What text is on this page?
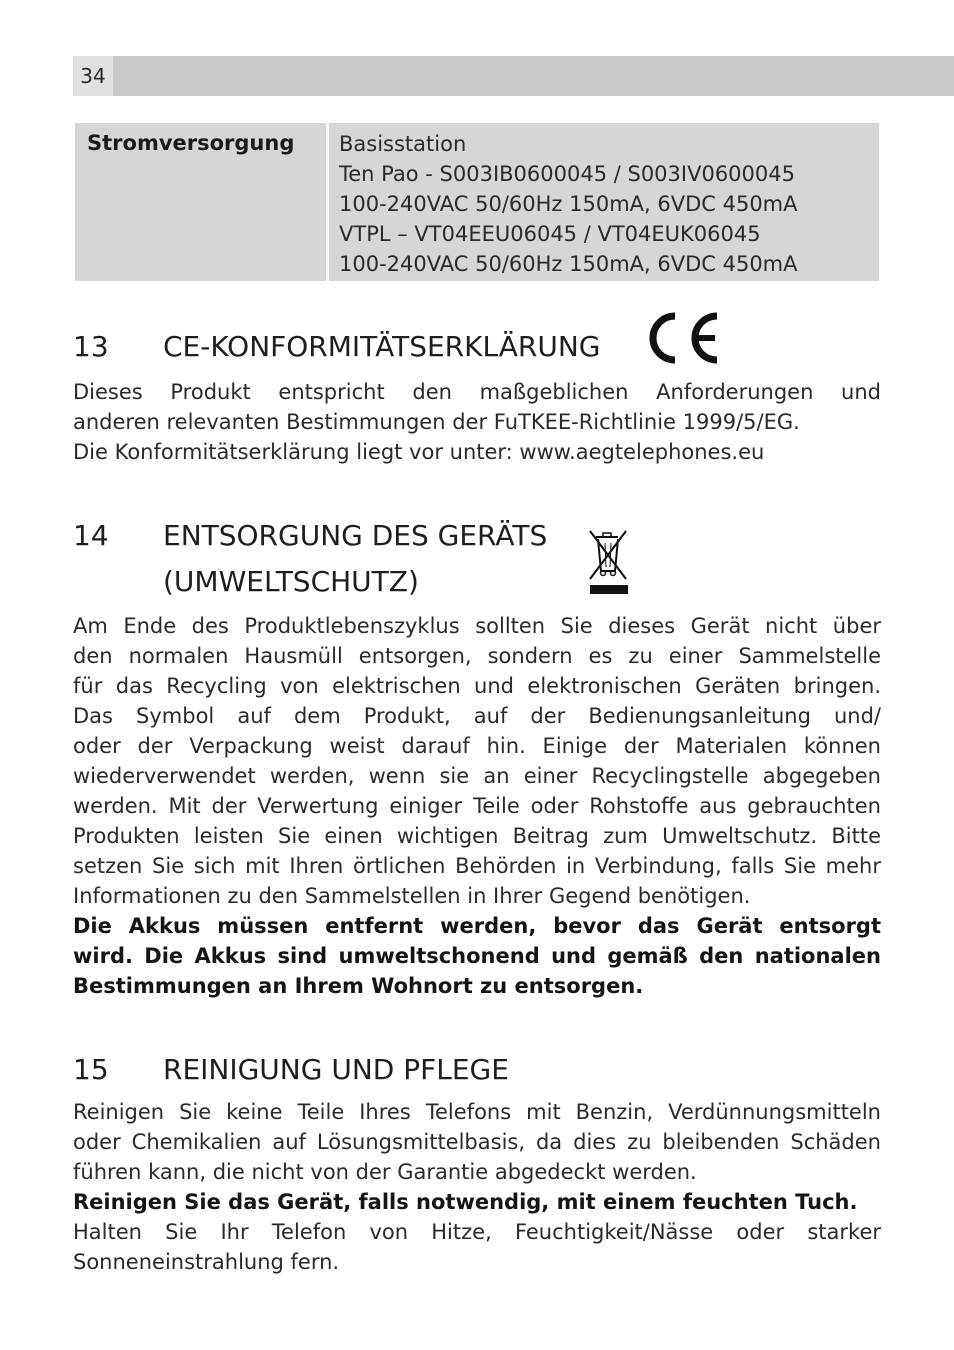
34
Stromversorgung	Basisstation
Ten Pao - S003IB0600045 / S003IV0600045
100-240VAC 50/60Hz 150mA, 6VDC 450mA
VTPL – VT04EEU06045 / VT04EUK06045
100-240VAC 50/60Hz 150mA, 6VDC 450mA
13 CE-KONFORMITÄTSERKLÄRUNG
Dieses Produkt entspricht den maßgeblichen Anforderungen und
anderen relevanten Bestimmungen der FuTKEE-Richtlinie 1999/5/EG.
Die Konformitätserklärung liegt vor unter: www.aegtelephones.eu
14 ENTSORGUNG DES GERÄTS
(UMWELTSCHUTZ)
Am Ende des Produktlebenszyklus sollten Sie dieses Gerät nicht über
den normalen Hausmüll entsorgen, sondern es zu einer Sammelstelle
für das Recycling von elektrischen und elektronischen Geräten bringen.
Das Symbol auf dem Produkt, auf der Bedienungsanleitung und/
oder der Verpackung weist darauf hin. Einige der Materialen können
wiederverwendet werden, wenn sie an einer Recyclingstelle abgegeben
werden. Mit der Verwertung einiger Teile oder Rohstoffe aus gebrauchten
Produkten leisten Sie einen wichtigen Beitrag zum Umweltschutz. Bitte
setzen Sie sich mit Ihren örtlichen Behörden in Verbindung, falls Sie mehr
Informationen zu den Sammelstellen in Ihrer Gegend benötigen.
Die Akkus müssen entfernt werden, bevor das Gerät entsorgt
wird. Die Akkus sind umweltschonend und gemäß den nationalen
Bestimmungen an Ihrem Wohnort zu entsorgen.
15 REINIGUNG UND PFLEGE
Reinigen Sie keine Teile Ihres Telefons mit Benzin, Verdünnungsmitteln
oder Chemikalien auf Lösungsmittelbasis, da dies zu bleibenden Schäden
führen kann, die nicht von der Garantie abgedeckt werden.
Reinigen Sie das Gerät, falls notwendig, mit einem feuchten Tuch.
Halten Sie Ihr Telefon von Hitze, Feuchtigkeit/Nässe oder starker
Sonneneinstrahlung fern.
